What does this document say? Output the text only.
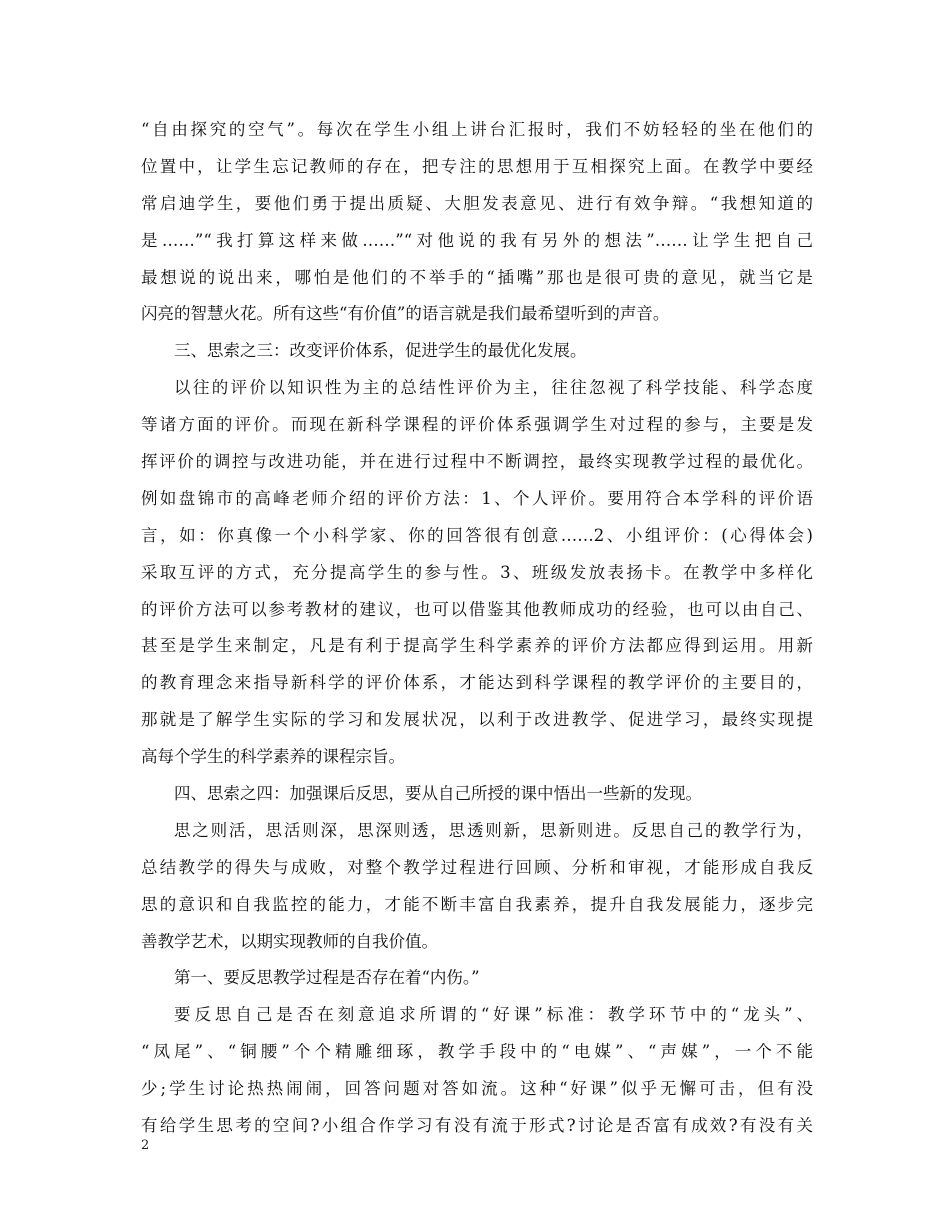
“自由探究的空气”。每次在学生小组上讲台汇报时，我们不妨轻轻的坐在他们的
位置中，让学生忘记教师的存在，把专注的思想用于互相探究上面。在教学中要经
常启迪学生，要他们勇于提出质疑、大胆发表意见、进行有效争辩。“我想知道的
是……”“我打算这样来做……”“对他说的我有另外的想法”……让学生把自己
最想说的说出来，哪怕是他们的不举手的“插嘴”那也是很可贵的意见，就当它是
闪亮的智慧火花。所有这些“有价值”的语言就是我们最希望听到的声音。
三、思索之三：改变评价体系，促进学生的最优化发展。
以往的评价以知识性为主的总结性评价为主，往往忽视了科学技能、科学态度
等诸方面的评价。而现在新科学课程的评价体系强调学生对过程的参与，主要是发
挥评价的调控与改进功能，并在进行过程中不断调控，最终实现教学过程的最优化。
例如盘锦市的高峰老师介绍的评价方法：1、个人评价。要用符合本学科的评价语
言，如：你真像一个小科学家、你的回答很有创意……2、小组评价：(心得体会)
采取互评的方式，充分提高学生的参与性。3、班级发放表扬卡。在教学中多样化
的评价方法可以参考教材的建议，也可以借鉴其他教师成功的经验，也可以由自己、
甚至是学生来制定，凡是有利于提高学生科学素养的评价方法都应得到运用。用新
的教育理念来指导新科学的评价体系，才能达到科学课程的教学评价的主要目的，
那就是了解学生实际的学习和发展状况，以利于改进教学、促进学习，最终实现提
高每个学生的科学素养的课程宗旨。
四、思索之四：加强课后反思，要从自己所授的课中悟出一些新的发现。
思之则活，思活则深，思深则透，思透则新，思新则进。反思自己的教学行为，
总结教学的得失与成败，对整个教学过程进行回顾、分析和审视，才能形成自我反
思的意识和自我监控的能力，才能不断丰富自我素养，提升自我发展能力，逐步完
善教学艺术，以期实现教师的自我价值。
第一、要反思教学过程是否存在着“内伤。”
要反思自己是否在刻意追求所谓的“好课”标准：教学环节中的“龙头”、
“凤尾”、“铜腰”个个精雕细琢，教学手段中的“电媒”、“声媒”，一个不能
少;学生讨论热热闹闹，回答问题对答如流。这种“好课”似乎无懈可击，但有没
有给学生思考的空间?小组合作学习有没有流于形式?讨论是否富有成效?有没有关
2
